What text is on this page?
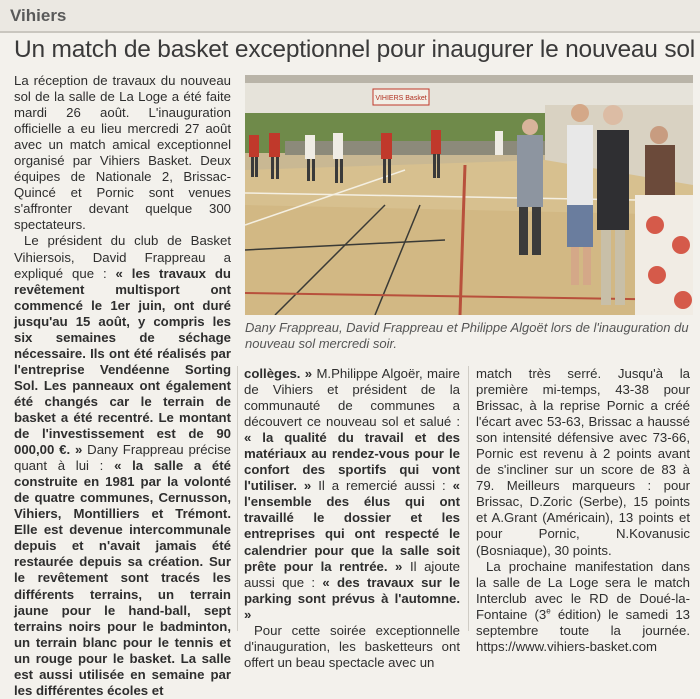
Vihiers
Un match de basket exceptionnel pour inaugurer le nouveau sol

La réception de travaux du nouveau sol de la salle de La Loge a été faite mardi 26 août. L'inauguration officielle a eu lieu mercredi 27 août avec un match amical exceptionnel organisé par Vihiers Basket. Deux équipes de Nationale 2, Brissac-Quincé et Pornic sont venues s'affronter devant quelque 300 spectateurs.

Le président du club de Basket Vihiersois, David Frappreau a expliqué que : « les travaux du revêtement multisport ont commencé le 1er juin, ont duré jusqu'au 15 août, y compris les six semaines de séchage nécessaire. Ils ont été réalisés par l'entreprise Vendéenne Sorting Sol. Les panneaux ont également été changés car le terrain de basket a été recentré. Le montant de l'investissement est de 90 000,00 €. » Dany Frappreau précise quant à lui : « la salle a été construite en 1981 par la volonté de quatre communes, Cernusson, Vihiers, Montilliers et Trémont. Elle est devenue intercommunale depuis et n'avait jamais été restaurée depuis sa création. Sur le revêtement sont tracés les différents terrains, un terrain jaune pour le hand-ball, sept terrains noirs pour le badminton, un terrain blanc pour le tennis et un rouge pour le basket. La salle est aussi utilisée en semaine par les différentes écoles et

VIHIERS Basket
Dany Frappreau, David Frappreau et Philippe Algoët lors de l'inauguration du nouveau sol mercredi soir.

collèges. » M.Philippe Algoër, maire de Vihiers et président de la communauté de communes a découvert ce nouveau sol et salué : « la qualité du travail et des matériaux au rendez-vous pour le confort des sportifs qui vont l'utiliser. » Il a remercié aussi : « l'ensemble des élus qui ont travaillé le dossier et les entreprises qui ont respecté le calendrier pour que la salle soit prête pour la rentrée. » Il ajoute aussi que : « des travaux sur le parking sont prévus à l'automne. »

Pour cette soirée exceptionnelle d'inauguration, les basketteurs ont offert un beau spectacle avec un

match très serré. Jusqu'à la première mi-temps, 43-38 pour Brissac, à la reprise Pornic a créé l'écart avec 53-63, Brissac a haussé son intensité défensive avec 73-66, Pornic est revenu à 2 points avant de s'incliner sur un score de 83 à 79. Meilleurs marqueurs : pour Brissac, D.Zoric (Serbe), 15 points et A.Grant (Américain), 13 points et pour Pornic, N.Kovanusic (Bosniaque), 30 points.

La prochaine manifestation dans la salle de La Loge sera le match Interclub avec le RD de Doué-la-Fontaine (3e édition) le samedi 13 septembre toute la journée. https://www.vihiers-basket.com
